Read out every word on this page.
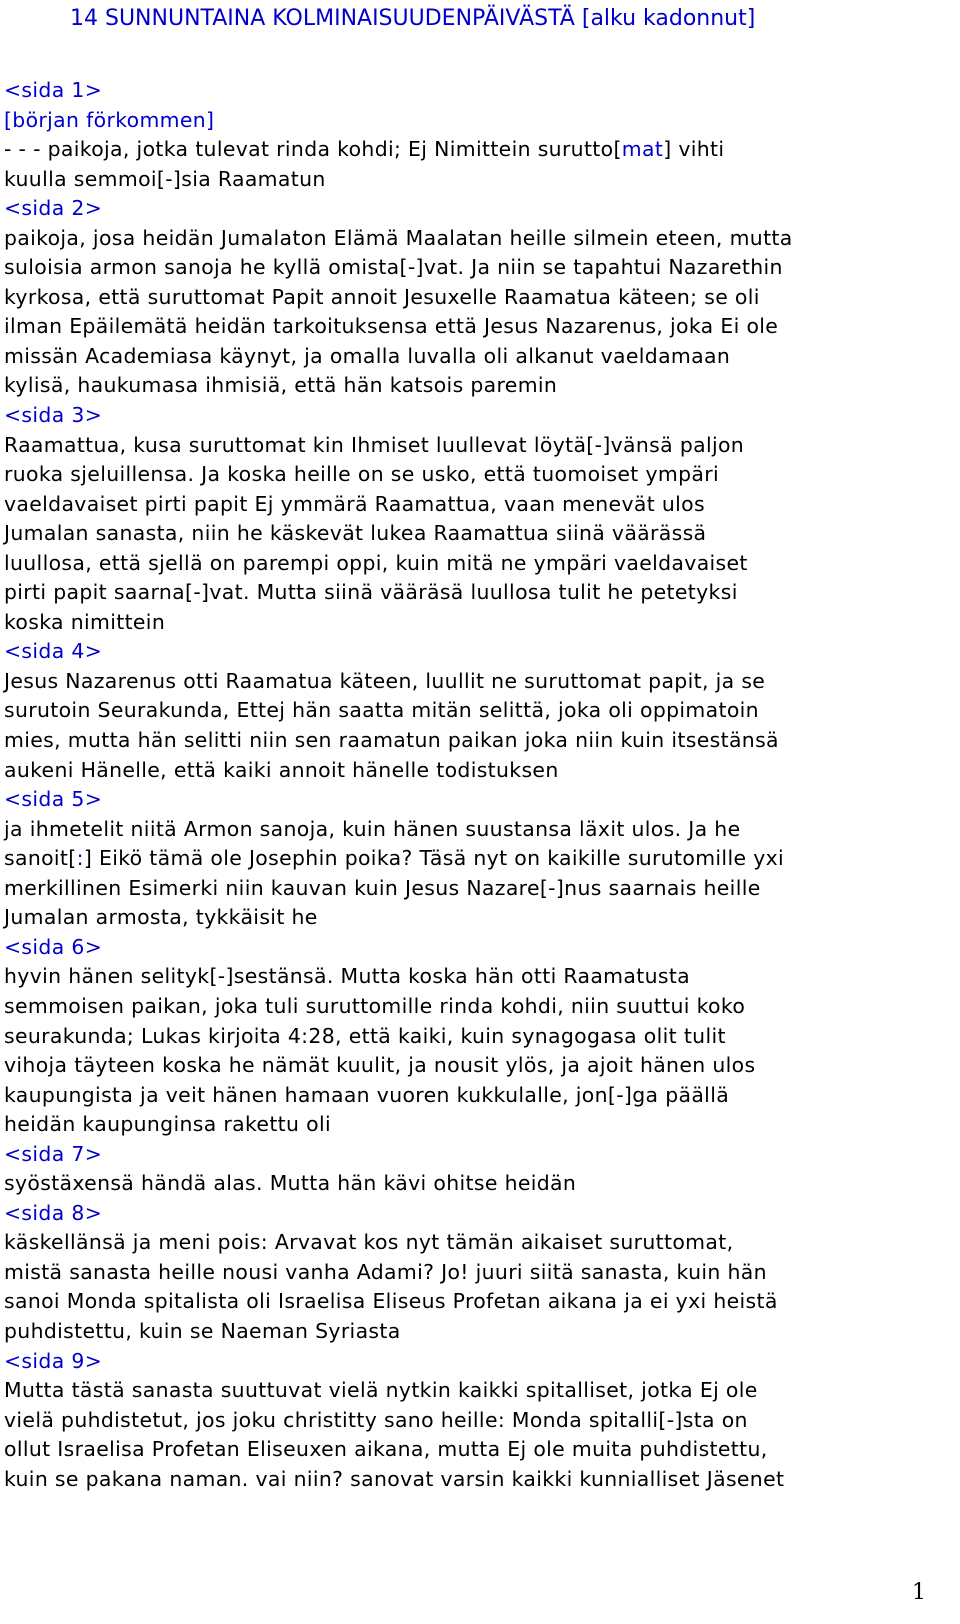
14 SUNNUNTAINA KOLMINAISUUDENPÄIVÄSTÄ [alku kadonnut]
<sida 1>
[början förkommen]
- - - paikoja, jotka tulevat rinda kohdi; Ej Nimittein surutto[mat] vihti
kuulla semmoi[-]sia Raamatun
<sida 2>
paikoja, josa heidän Jumalaton Elämä Maalatan heille silmein eteen, mutta
suloisia armon sanoja he kyllä omista[-]vat. Ja niin se tapahtui Nazarethin
kyrkosa, että suruttomat Papit annoit Jesuxelle Raamatua käteen; se oli
ilman Epäilemätä heidän tarkoituksensa että Jesus Nazarenus, joka Ei ole
missän Academiasa käynyt, ja omalla luvalla oli alkanut vaeldamaan
kylisä, haukumasa ihmisiä, että hän katsois paremin
<sida 3>
Raamattua, kusa suruttomat kin Ihmiset luullevat löytä[-]vänsä paljon
ruoka sjeluillensa. Ja koska heille on se usko, että tuomoiset ympäri
vaeldavaiset pirti papit Ej ymmärä Raamattua, vaan menevät ulos
Jumalan sanasta, niin he käskevät lukea Raamattua siinä väärässä
luullosa, että sjellä on parempi oppi, kuin mitä ne ympäri vaeldavaiset
pirti papit saarna[-]vat. Mutta siinä vääräsä luullosa tulit he petetyksi
koska nimittein
<sida 4>
Jesus Nazarenus otti Raamatua käteen, luullit ne suruttomat papit, ja se
surutoin Seurakunda, Ettej hän saatta mitän selittä, joka oli oppimatoin
mies, mutta hän selitti niin sen raamatun paikan joka niin kuin itsestänsä
aukeni Hänelle, että kaiki annoit hänelle todistuksen
<sida 5>
ja ihmetelit niitä Armon sanoja, kuin hänen suustansa läxit ulos. Ja he
sanoit[:] Eikö tämä ole Josephin poika? Täsä nyt on kaikille surutomille yxi
merkillinen Esimerki niin kauvan kuin Jesus Nazare[-]nus saarnais heille
Jumalan armosta, tykkäisit he
<sida 6>
hyvin hänen selityk[-]sestänsä. Mutta koska hän otti Raamatusta
semmoisen paikan, joka tuli suruttomille rinda kohdi, niin suuttui koko
seurakunda; Lukas kirjoita 4:28, että kaiki, kuin synagogasa olit tulit
vihoja täyteen koska he nämät kuulit, ja nousit ylös, ja ajoit hänen ulos
kaupungista ja veit hänen hamaan vuoren kukkulalle, jon[-]ga päällä
heidän kaupunginsa rakettu oli
<sida 7>
syöstäxensä händä alas. Mutta hän kävi ohitse heidän
<sida 8>
käskellänsä ja meni pois: Arvavat kos nyt tämän aikaiset suruttomat,
mistä sanasta heille nousi vanha Adami? Jo! juuri siitä sanasta, kuin hän
sanoi Monda spitalista oli Israelisa Eliseus Profetan aikana ja ei yxi heistä
puhdistettu, kuin se Naeman Syriasta
<sida 9>
Mutta tästä sanasta suuttuvat vielä nytkin kaikki spitalliset, jotka Ej ole
vielä puhdistetut, jos joku christitty sano heille: Monda spitalli[-]sta on
ollut Israelisa Profetan Eliseuxen aikana, mutta Ej ole muita puhdistettu,
kuin se pakana naman. vai niin? sanovat varsin kaikki kunnialliset Jäsenet
1
